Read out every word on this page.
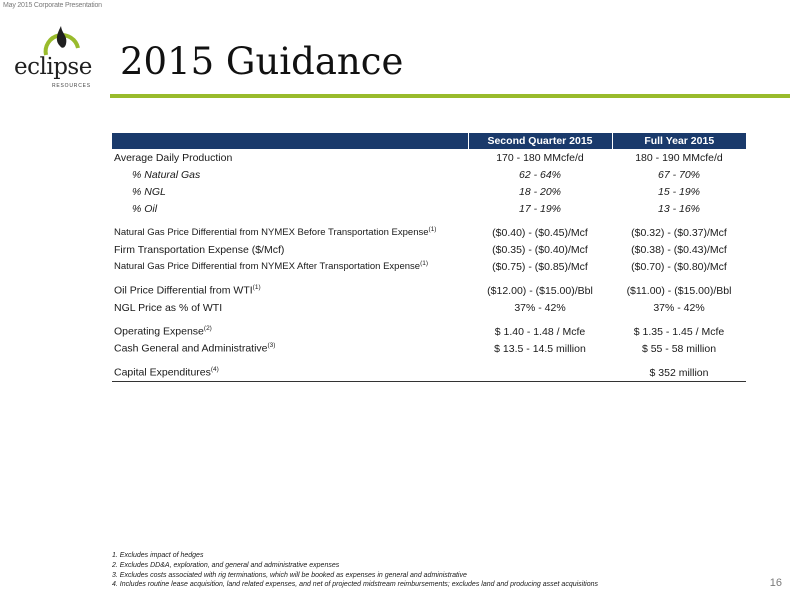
May 2015 Corporate Presentation
eclipse
RESOURCES
2015 Guidance
	Second Quarter 2015	Full Year 2015
Average Daily Production	170 - 180 MMcfe/d	180 - 190 MMcfe/d
% Natural Gas	62 - 64%	67 - 70%
% NGL	18 - 20%	15 - 19%
% Oil	17 - 19%	13 - 16%

Natural Gas Price Differential from NYMEX Before Transportation Expense$^{(1)}$	($0.40) - ($0.45)/Mcf	($0.32) - ($0.37)/Mcf
Firm Transportation Expense ($/Mcf)	($0.35) - ($0.40)/Mcf	($0.38) - ($0.43)/Mcf
Natural Gas Price Differential from NYMEX After Transportation Expense$^{(1)}$	($0.75) - ($0.85)/Mcf	($0.70) - ($0.80)/Mcf

Oil Price Differential from WTI$^{(1)}$	($12.00) - ($15.00)/Bbl	($11.00) - ($15.00)/Bbl
NGL Price as % of WTI	37% - 42%	37% - 42%

Operating Expense$^{(2)}$	$ 1.40 - 1.48 / Mcfe	$ 1.35 - 1.45 / Mcfe
Cash General and Administrative$^{(3)}$	$ 13.5 - 14.5 million	$ 55 - 58 million

Capital Expenditures$^{(4)}$		$ 352 million
1. Excludes impact of hedges
2. Excludes DD&A, exploration, and general and administrative expenses
3. Excludes costs associated with rig terminations, which will be booked as expenses in general and administrative
4. Includes routine lease acquisition, land related expenses, and net of projected midstream reimbursements; excludes land and producing asset acquisitions	16
